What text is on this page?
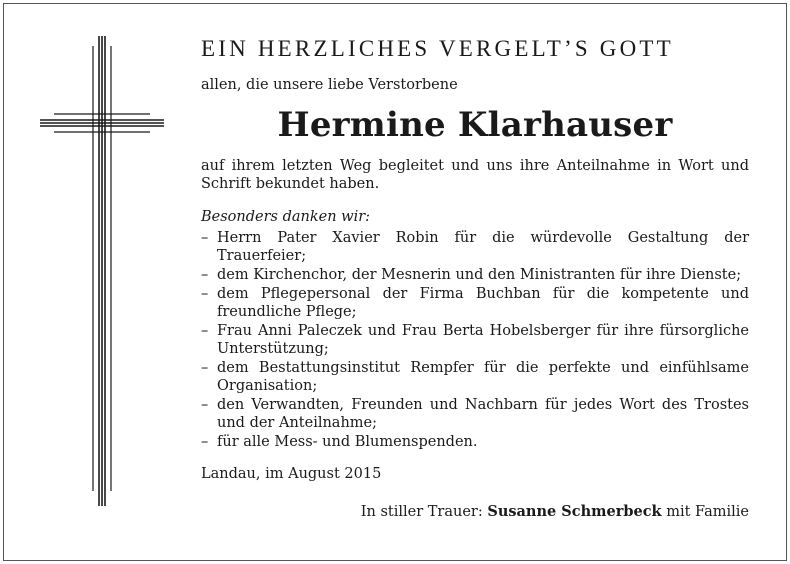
EIN HERZLICHES VERGELT’S GOTT
allen, die unsere liebe Verstorbene
Hermine Klarhauser
auf ihrem letzten Weg begleitet und uns ihre Anteilnahme in Wort und Schrift bekundet haben.
Besonders danken wir:
– Herrn Pater Xavier Robin für die würdevolle Gestaltung der Trauerfeier;
– dem Kirchenchor, der Mesnerin und den Ministranten für ihre Dienste;
– dem Pflegepersonal der Firma Buchban für die kompetente und freundliche Pflege;
– Frau Anni Paleczek und Frau Berta Hobelsberger für ihre fürsorgliche Unterstützung;
– dem Bestattungsinstitut Rempfer für die perfekte und einfühlsame Organisation;
– den Verwandten, Freunden und Nachbarn für jedes Wort des Trostes und der Anteilnahme;
– für alle Mess- und Blumenspenden.
Landau, im August 2015
In stiller Trauer: Susanne Schmerbeck mit Familie
